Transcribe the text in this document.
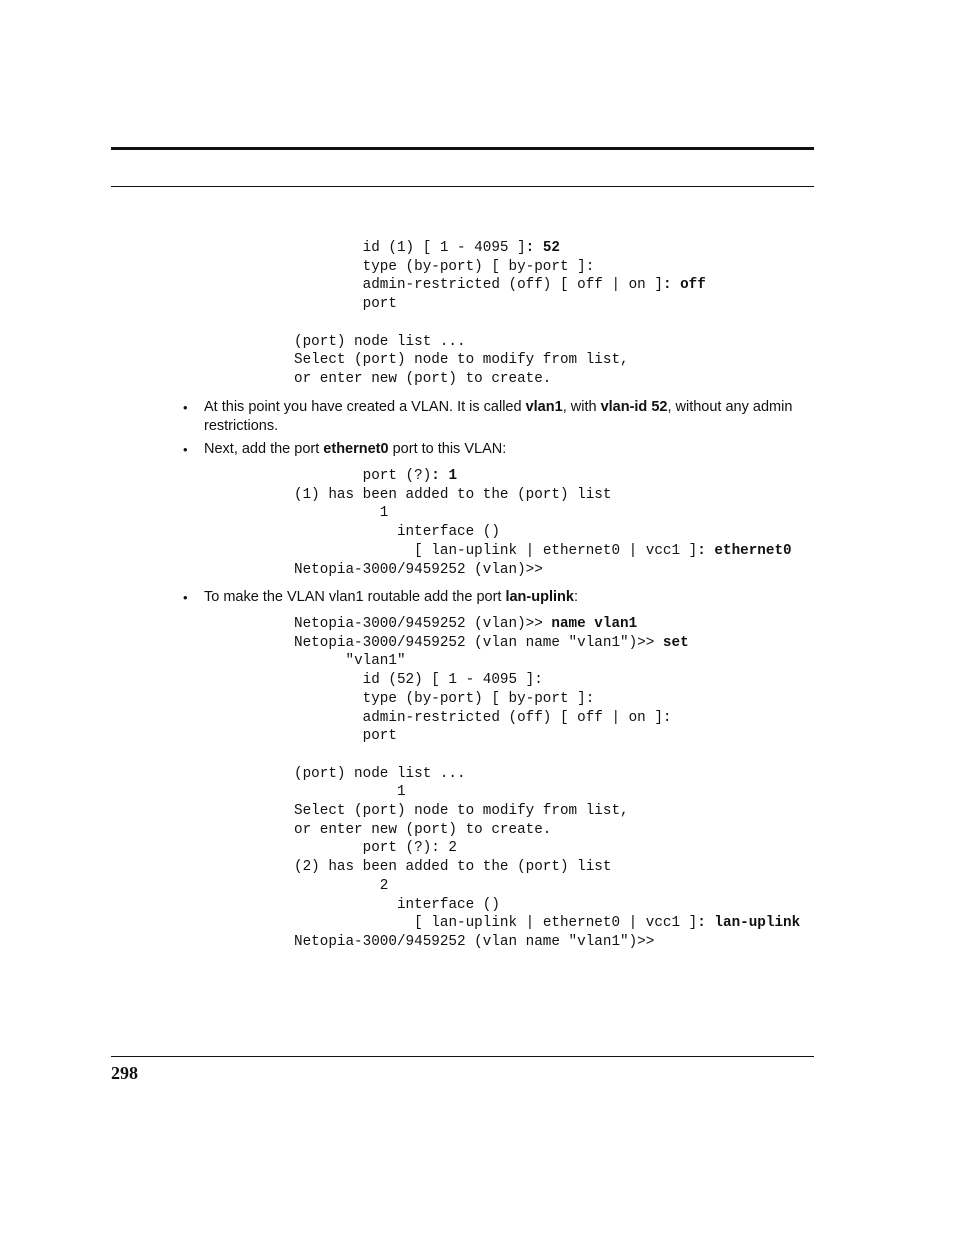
id (1) [ 1 - 4095 ]: 52
type (by-port) [ by-port ]:
admin-restricted (off) [ off | on ]: off
port

(port) node list ...
Select (port) node to modify from list,
or enter new (port) to create.
• At this point you have created a VLAN. It is called vlan1, with vlan-id 52, without any admin restrictions.
• Next, add the port ethernet0 port to this VLAN:
port (?): 1
(1) has been added to the (port) list
1
interface ()
[ lan-uplink | ethernet0 | vcc1 ]: ethernet0
Netopia-3000/9459252 (vlan)>>
• To make the VLAN vlan1 routable add the port lan-uplink:
Netopia-3000/9459252 (vlan)>> name vlan1
Netopia-3000/9459252 (vlan name "vlan1")>> set
"vlan1"
id (52) [ 1 - 4095 ]:
type (by-port) [ by-port ]:
admin-restricted (off) [ off | on ]:
port

(port) node list ...
1
Select (port) node to modify from list,
or enter new (port) to create.
port (?): 2
(2) has been added to the (port) list
2
interface ()
[ lan-uplink | ethernet0 | vcc1 ]: lan-uplink
Netopia-3000/9459252 (vlan name "vlan1")>>
298
